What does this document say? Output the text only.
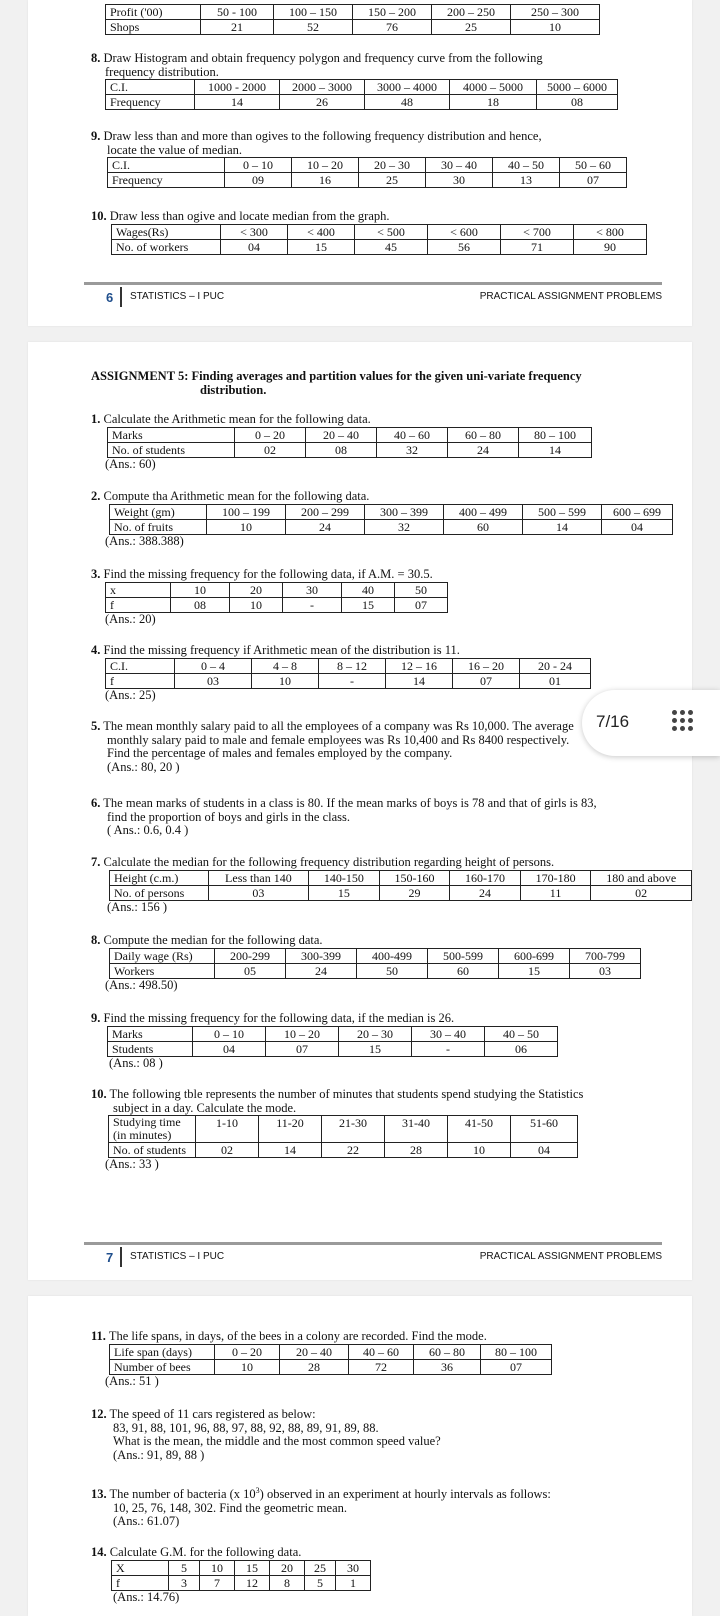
Profit ('00)	50 - 100	100 – 150	150 – 200	200 – 250	250 – 300
Shops	21	52	76	25	10
8. Draw Histogram and obtain frequency polygon and frequency curve from the following
frequency distribution.
C.I.	1000 - 2000	2000 – 3000	3000 – 4000	4000 – 5000	5000 – 6000
Frequency	14	26	48	18	08
9. Draw less than and more than ogives to the following frequency distribution and hence,
locate the value of median.
C.I.	0 – 10	10 – 20	20 – 30	30 – 40	40 – 50	50 – 60
Frequency	09	16	25	30	13	07
10. Draw less than ogive and locate median from the graph.
Wages(Rs)	< 300	< 400	< 500	< 600	< 700	< 800
No. of workers	04	15	45	56	71	90
6 STATISTICS – I PUC	PRACTICAL ASSIGNMENT PROBLEMS
ASSIGNMENT 5: Finding averages and partition values for the given uni-variate frequency
distribution.
1. Calculate the Arithmetic mean for the following data.
Marks	0 – 20	20 – 40	40 – 60	60 – 80	80 – 100
No. of students	02	08	32	24	14
(Ans.: 60)
2. Compute tha Arithmetic mean for the following data.
Weight (gm)	100 – 199	200 – 299	300 – 399	400 – 499	500 – 599	600 – 699
No. of fruits	10	24	32	60	14	04
(Ans.: 388.388)
3. Find the missing frequency for the following data, if A.M. = 30.5.
x	10	20	30	40	50
f	08	10	-	15	07
(Ans.: 20)
4. Find the missing frequency if Arithmetic mean of the distribution is 11.
C.I.	0 – 4	4 – 8	8 – 12	12 – 16	16 – 20	20 - 24
f	03	10	-	14	07	01
(Ans.: 25)
5. The mean monthly salary paid to all the employees of a company was Rs 10,000. The average
monthly salary paid to male and female employees was Rs 10,400 and Rs 8400 respectively.
Find the percentage of males and females employed by the company.
(Ans.: 80, 20 )
6. The mean marks of students in a class is 80. If the mean marks of boys is 78 and that of girls is 83,
find the proportion of boys and girls in the class.
( Ans.: 0.6, 0.4 )
7. Calculate the median for the following frequency distribution regarding height of persons.
Height (c.m.)	Less than 140	140-150	150-160	160-170	170-180	180 and above
No. of persons	03	15	29	24	11	02
(Ans.: 156 )
8. Compute the median for the following data.
Daily wage (Rs)	200-299	300-399	400-499	500-599	600-699	700-799
Workers	05	24	50	60	15	03
(Ans.: 498.50)
9. Find the missing frequency for the following data, if the median is 26.
Marks	0 – 10	10 – 20	20 – 30	30 – 40	40 – 50
Students	04	07	15	-	06
(Ans.: 08 )
10. The following tble represents the number of minutes that students spend studying the Statistics
subject in a day. Calculate the mode.
Studying time
(in minutes)	1-10	11-20	21-30	31-40	41-50	51-60
No. of students	02	14	22	28	10	04
(Ans.: 33 )
7 STATISTICS – I PUC	PRACTICAL ASSIGNMENT PROBLEMS
11. The life spans, in days, of the bees in a colony are recorded. Find the mode.
Life span (days)	0 – 20	20 – 40	40 – 60	60 – 80	80 – 100
Number of bees	10	28	72	36	07
(Ans.: 51 )
12. The speed of 11 cars registered as below:
83, 91, 88, 101, 96, 88, 97, 88, 92, 88, 89, 91, 89, 88.
What is the mean, the middle and the most common speed value?
(Ans.: 91, 89, 88 )
13. The number of bacteria (x $10^3$) observed in an experiment at hourly intervals as follows:
10, 25, 76, 148, 302. Find the geometric mean.
(Ans.: 61.07)
14. Calculate G.M. for the following data.
X	5	10	15	20	25	30
f	3	7	12	8	5	1
(Ans.: 14.76)
7/16
